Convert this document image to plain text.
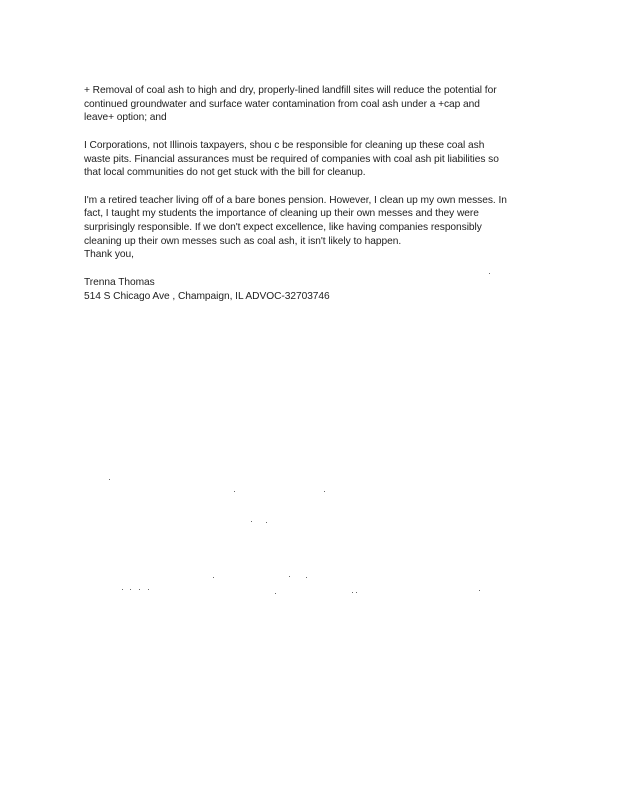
+ Removal of coal ash to high and dry, properly-lined landfill sites will reduce the potential for

continued groundwater and surface water contamination from coal ash under a +cap and

leave+ option; and

I Corporations, not Illinois taxpayers, shou c be responsible for cleaning up these coal ash

waste pits. Financial assurances must be required of companies with coal ash pit liabilities so

that local communities do not get stuck with the bill for cleanup.

I'm a retired teacher living off of a bare bones pension. However, I clean up my own messes. In

fact, I taught my students the importance of cleaning up their own messes and they were

surprisingly responsible. If we don't expect excellence, like having companies responsibly

cleaning up their own messes such as coal ash, it isn't likely to happen.

Thank you,

Trenna Thomas

514 S Chicago Ave , Champaign, IL ADVOC-32703746
